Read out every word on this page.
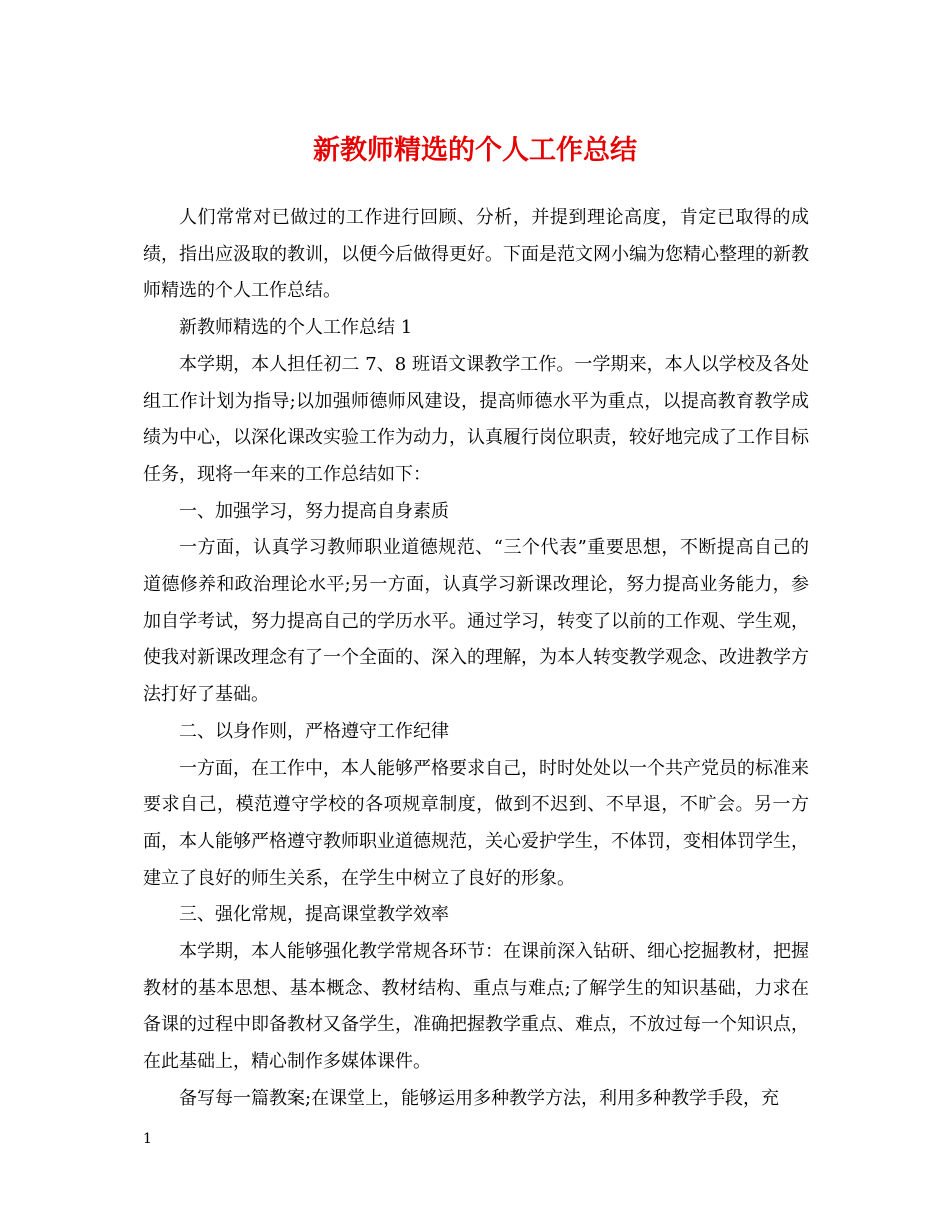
新教师精选的个人工作总结

人们常常对已做过的工作进行回顾、分析，并提到理论高度，肯定已取得的成绩，指出应汲取的教训，以便今后做得更好。下面是范文网小编为您精心整理的新教师精选的个人工作总结。

新教师精选的个人工作总结 1

本学期，本人担任初二 7、8 班语文课教学工作。一学期来，本人以学校及各处组工作计划为指导;以加强师德师风建设，提高师德水平为重点，以提高教育教学成绩为中心，以深化课改实验工作为动力，认真履行岗位职责，较好地完成了工作目标任务，现将一年来的工作总结如下：

一、加强学习，努力提高自身素质

一方面，认真学习教师职业道德规范、“三个代表”重要思想，不断提高自己的道德修养和政治理论水平;另一方面，认真学习新课改理论，努力提高业务能力，参加自学考试，努力提高自己的学历水平。通过学习，转变了以前的工作观、学生观，使我对新课改理念有了一个全面的、深入的理解，为本人转变教学观念、改进教学方法打好了基础。

二、以身作则，严格遵守工作纪律

一方面，在工作中，本人能够严格要求自己，时时处处以一个共产党员的标准来要求自己，模范遵守学校的各项规章制度，做到不迟到、不早退，不旷会。另一方面，本人能够严格遵守教师职业道德规范，关心爱护学生，不体罚，变相体罚学生，建立了良好的师生关系，在学生中树立了良好的形象。

三、强化常规，提高课堂教学效率

本学期，本人能够强化教学常规各环节：在课前深入钻研、细心挖掘教材，把握教材的基本思想、基本概念、教材结构、重点与难点;了解学生的知识基础，力求在备课的过程中即备教材又备学生，准确把握教学重点、难点，不放过每一个知识点，在此基础上，精心制作多媒体课件。

备写每一篇教案;在课堂上，能够运用多种教学方法，利用多种教学手段，充

1
